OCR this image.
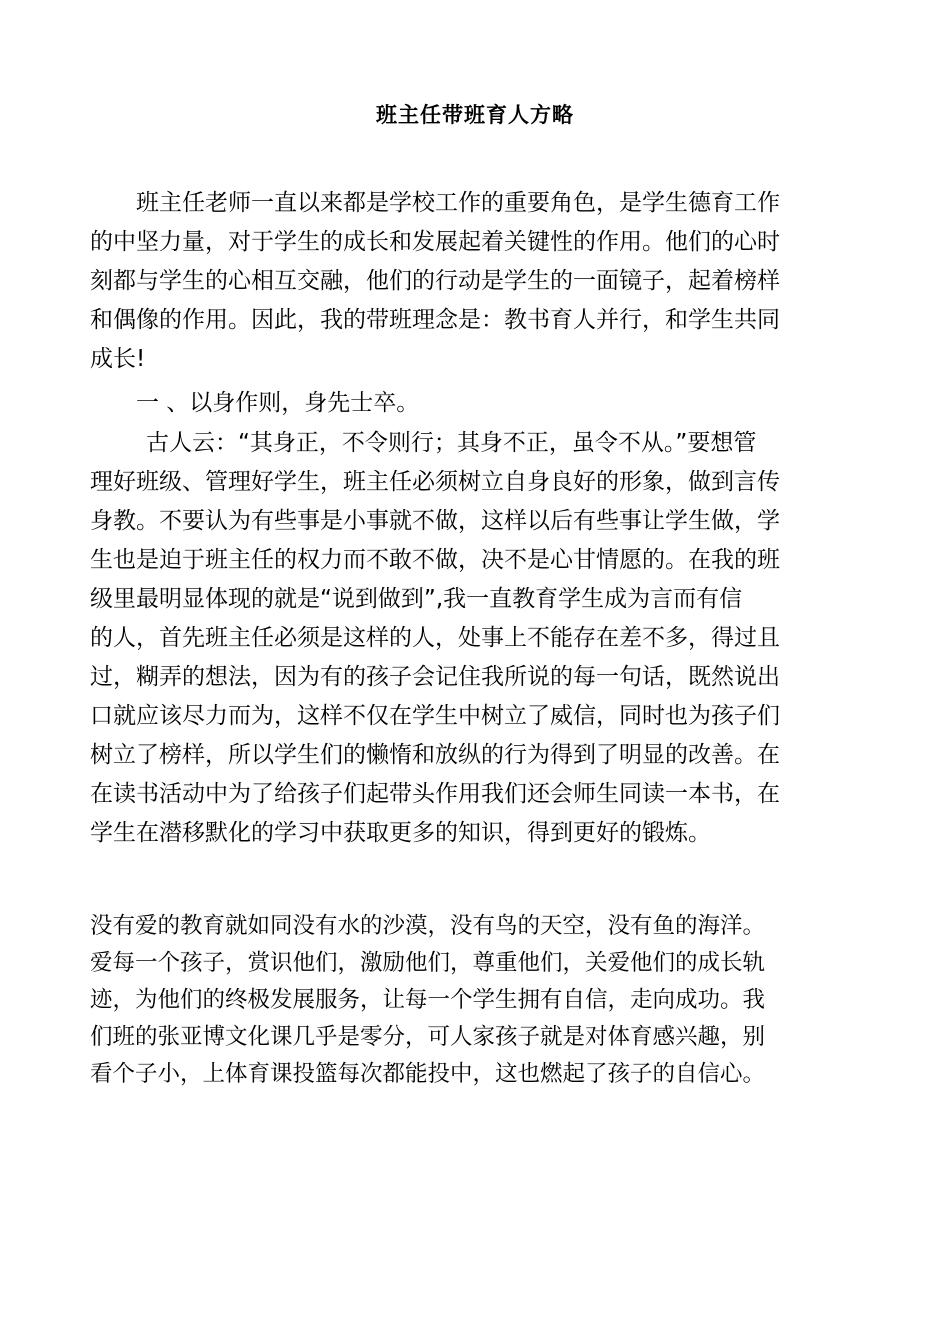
班主任带班育人方略
班主任老师一直以来都是学校工作的重要角色，是学生德育工作
的中坚力量，对于学生的成长和发展起着关键性的作用。他们的心时
刻都与学生的心相互交融，他们的行动是学生的一面镜子，起着榜样
和偶像的作用。因此，我的带班理念是：教书育人并行，和学生共同
成长!
一 、以身作则，身先士卒。
古人云：“其身正，不令则行；其身不正，虽令不从。”要想管
理好班级、管理好学生，班主任必须树立自身良好的形象，做到言传
身教。不要认为有些事是小事就不做，这样以后有些事让学生做，学
生也是迫于班主任的权力而不敢不做，决不是心甘情愿的。在我的班
级里最明显体现的就是“说到做到”,我一直教育学生成为言而有信
的人，首先班主任必须是这样的人，处事上不能存在差不多，得过且
过，糊弄的想法，因为有的孩子会记住我所说的每一句话，既然说出
口就应该尽力而为，这样不仅在学生中树立了威信，同时也为孩子们
树立了榜样，所以学生们的懒惰和放纵的行为得到了明显的改善。在
在读书活动中为了给孩子们起带头作用我们还会师生同读一本书，在
学生在潜移默化的学习中获取更多的知识，得到更好的锻炼。
没有爱的教育就如同没有水的沙漠，没有鸟的天空，没有鱼的海洋。
爱每一个孩子，赏识他们，激励他们，尊重他们，关爱他们的成长轨
迹，为他们的终极发展服务，让每一个学生拥有自信，走向成功。我
们班的张亚博文化课几乎是零分，可人家孩子就是对体育感兴趣，别
看个子小，上体育课投篮每次都能投中，这也燃起了孩子的自信心。
